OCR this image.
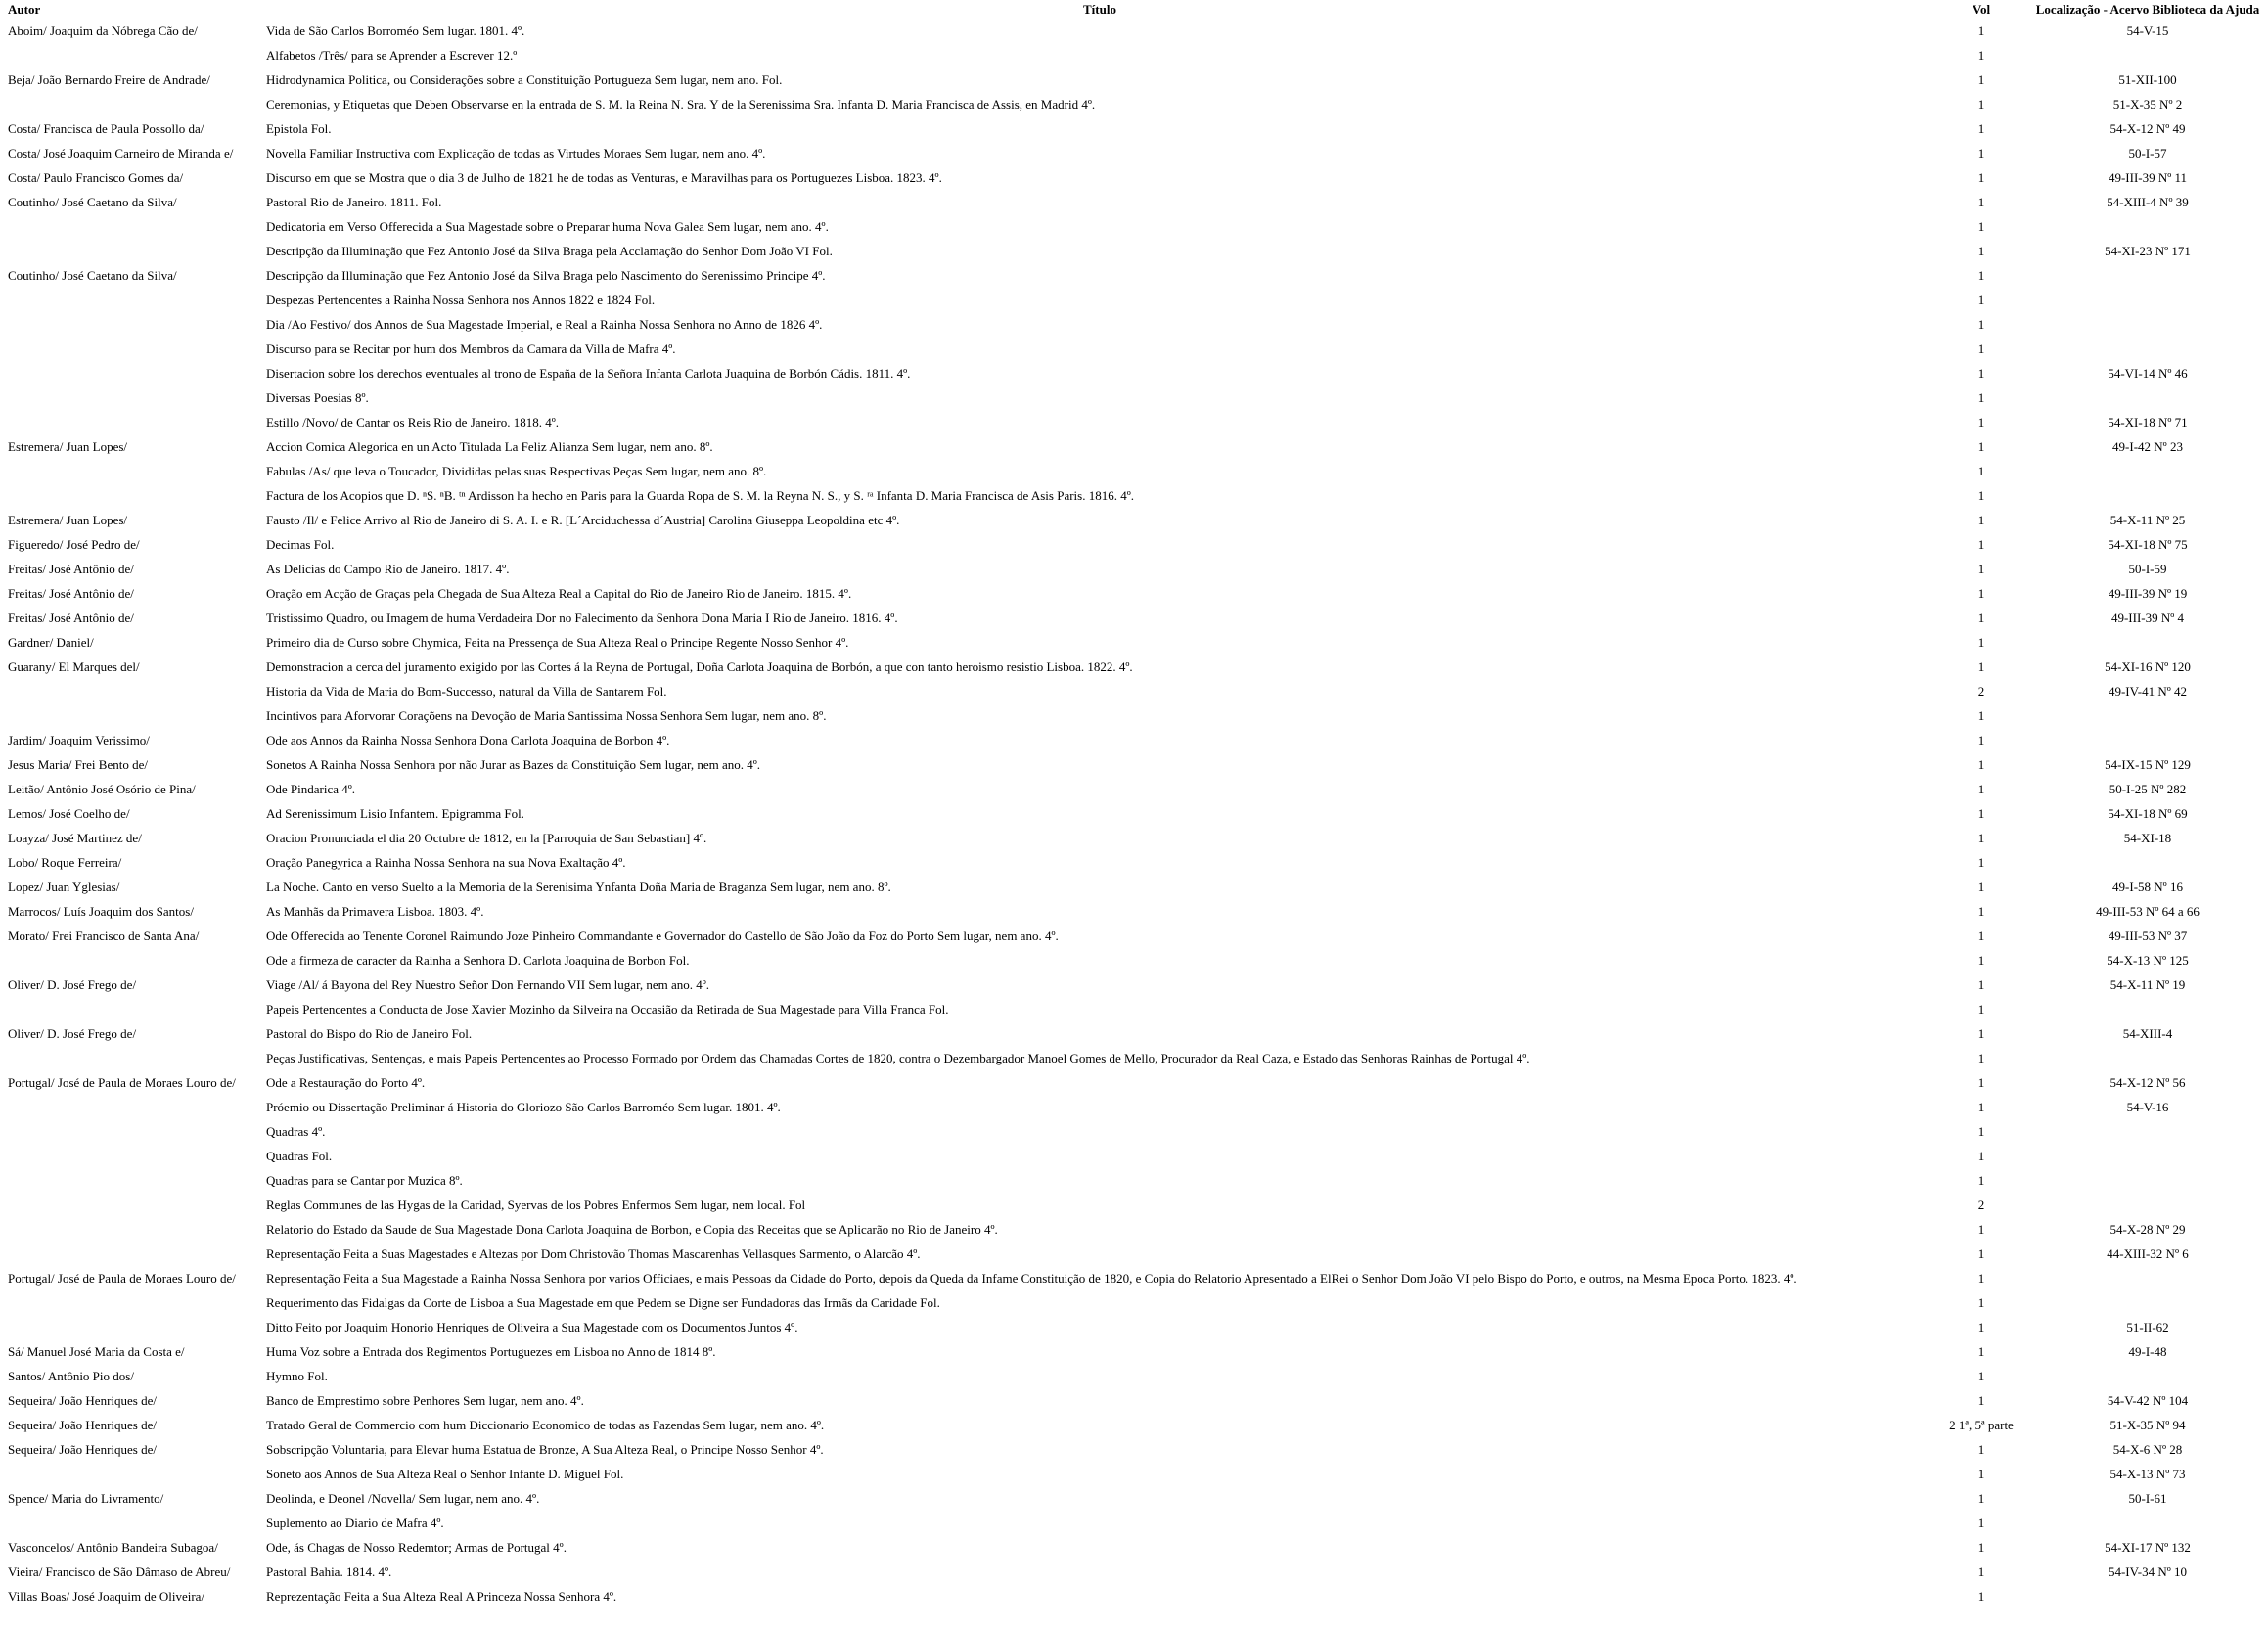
Autor	Título	Vol	Localização - Acervo Biblioteca da Ajuda
Aboim/ Joaquim da Nóbrega Cão de/	Vida de São Carlos Borroméo Sem lugar. 1801. 4º.	1	54-V-15
	Alfabetos /Três/ para se Aprender a Escrever 12.º	1	
Beja/ João Bernardo Freire de Andrade/	Hidrodynamica Politica, ou Considerações sobre a Constituição Portugueza Sem lugar, nem ano. Fol.	1	51-XII-100
	Ceremonias, y Etiquetas que Deben Observarse en la entrada de S. M. la Reina N. Sra. Y de la Serenissima Sra. Infanta D. Maria Francisca de Assis, en Madrid 4º.	1	51-X-35 Nº 2
Costa/ Francisca de Paula Possollo da/	Epistola Fol.	1	54-X-12 Nº 49
Costa/ José Joaquim Carneiro de Miranda e/	Novella Familiar Instructiva com Explicação de todas as Virtudes Moraes Sem lugar, nem ano. 4º.	1	50-I-57
Costa/ Paulo Francisco Gomes da/	Discurso em que se Mostra que o dia 3 de Julho de 1821 he de todas as Venturas, e Maravilhas para os Portuguezes Lisboa. 1823. 4º.	1	49-III-39 Nº 11
Coutinho/ José Caetano da Silva/	Pastoral Rio de Janeiro. 1811. Fol.	1	54-XIII-4 Nº 39
	Dedicatoria em Verso Offerecida a Sua Magestade sobre o Preparar huma Nova Galea Sem lugar, nem ano. 4º.	1	
	Descripção da Illuminação que Fez Antonio José da Silva Braga pela Acclamação do Senhor Dom João VI Fol.	1	54-XI-23 Nº 171
Coutinho/ José Caetano da Silva/	Descripção da Illuminação que Fez Antonio José da Silva Braga pelo Nascimento do Serenissimo Principe 4º.	1	
	Despezas Pertencentes a Rainha Nossa Senhora nos Annos 1822 e 1824 Fol.	1	
	Dia /Ao Festivo/ dos Annos de Sua Magestade Imperial, e Real a Rainha Nossa Senhora no Anno de 1826 4º.	1	
	Discurso para se Recitar por hum dos Membros da Camara da Villa de Mafra 4º.	1	
	Disertacion sobre los derechos eventuales al trono de España de la Señora Infanta Carlota Juaquina de Borbón Cádis. 1811. 4º.	1	54-VI-14 Nº 46
	Diversas Poesias 8º.	1	
	Estillo /Novo/ de Cantar os Reis Rio de Janeiro. 1818. 4º.	1	54-XI-18 Nº 71
Estremera/ Juan Lopes/	Accion Comica Alegorica en un Acto Titulada La Feliz Alianza Sem lugar, nem ano. 8º.	1	49-I-42 Nº 23
	Fabulas /As/ que leva o Toucador, Divididas pelas suas Respectivas Peças Sem lugar, nem ano. 8º.	1	
	Factura de los Acopios que D. ⁿS. ⁿB. ᵗⁿ Ardisson ha hecho en Paris para la Guarda Ropa de S. M. la Reyna N. S., y S. ʳᵃ Infanta D. Maria Francisca de Asis Paris. 1816. 4º.	1	
Estremera/ Juan Lopes/	Fausto /Il/ e Felice Arrivo al Rio de Janeiro di S. A. I. e R. [L´Arciduchessa d´Austria] Carolina Giuseppa Leopoldina etc 4º.	1	54-X-11 Nº 25
Figueredo/ José Pedro de/	Decimas Fol.	1	54-XI-18 Nº 75
Freitas/ José Antônio de/	As Delicias do Campo Rio de Janeiro. 1817. 4º.	1	50-I-59
Freitas/ José Antônio de/	Oração em Acção de Graças pela Chegada de Sua Alteza Real a Capital do Rio de Janeiro Rio de Janeiro. 1815. 4º.	1	49-III-39 Nº 19
Freitas/ José Antônio de/	Tristissimo Quadro, ou Imagem de huma Verdadeira Dor no Falecimento da Senhora Dona Maria I Rio de Janeiro. 1816. 4º.	1	49-III-39 Nº 4
Gardner/ Daniel/	Primeiro dia de Curso sobre Chymica, Feita na Pressença de Sua Alteza Real o Principe Regente Nosso Senhor 4º.	1	
Guarany/ El Marques del/	Demonstracion a cerca del juramento exigido por las Cortes á la Reyna de Portugal, Doña Carlota Joaquina de Borbón, a que con tanto heroismo resistio Lisboa. 1822. 4º.	1	54-XI-16 Nº 120
	Historia da Vida de Maria do Bom-Successo, natural da Villa de Santarem Fol.	2	49-IV-41 Nº 42
	Incintivos para Aforvorar Coraçõens na Devoção de Maria Santissima Nossa Senhora Sem lugar, nem ano. 8º.	1	
Jardim/ Joaquim Verissimo/	Ode aos Annos da Rainha Nossa Senhora Dona Carlota Joaquina de Borbon 4º.	1	
Jesus Maria/ Frei Bento de/	Sonetos A Rainha Nossa Senhora por não Jurar as Bazes da Constituição Sem lugar, nem ano. 4º.	1	54-IX-15 Nº 129
Leitão/ Antônio José Osório de Pina/	Ode Pindarica 4º.	1	50-I-25 Nº 282
Lemos/ José Coelho de/	Ad Serenissimum Lisio Infantem. Epigramma Fol.	1	54-XI-18 Nº 69
Loayza/ José Martinez de/	Oracion Pronunciada el dia 20 Octubre de 1812, en la [Parroquia de San Sebastian] 4º.	1	54-XI-18
Lobo/ Roque Ferreira/	Oração Panegyrica a Rainha Nossa Senhora na sua Nova Exaltação 4º.	1	
Lopez/ Juan Yglesias/	La Noche. Canto en verso Suelto a la Memoria de la Serenisima Ynfanta Doña Maria de Braganza Sem lugar, nem ano. 8º.	1	49-I-58 Nº 16
Marrocos/ Luís Joaquim dos Santos/	As Manhãs da Primavera Lisboa. 1803. 4º.	1	49-III-53 Nº 64 a 66
Morato/ Frei Francisco de Santa Ana/	Ode Offerecida ao Tenente Coronel Raimundo Joze Pinheiro Commandante e Governador do Castello de São João da Foz do Porto Sem lugar, nem ano. 4º.	1	49-III-53 Nº 37
	Ode a firmeza de caracter da Rainha a Senhora D. Carlota Joaquina de Borbon Fol.	1	54-X-13 Nº 125
Oliver/ D. José Frego de/	Viage /Al/ á Bayona del Rey Nuestro Señor Don Fernando VII Sem lugar, nem ano. 4º.	1	54-X-11 Nº 19
	Papeis Pertencentes a Conducta de Jose Xavier Mozinho da Silveira na Occasião da Retirada de Sua Magestade para Villa Franca Fol.	1	
Oliver/ D. José Frego de/	Pastoral do Bispo do Rio de Janeiro Fol.	1	54-XIII-4
	Peças Justificativas, Sentenças, e mais Papeis Pertencentes ao Processo Formado por Ordem das Chamadas Cortes de 1820, contra o Dezembargador Manoel Gomes de Mello, Procurador da Real Caza, e Estado das Senhoras Rainhas de Portugal 4º.	1	
Portugal/ José de Paula de Moraes Louro de/	Ode a Restauração do Porto 4º.	1	54-X-12 Nº 56
	Próemio ou Dissertação Preliminar á Historia do Gloriozo São Carlos Barroméo Sem lugar. 1801. 4º.	1	54-V-16
	Quadras 4º.	1	
	Quadras Fol.	1	
	Quadras para se Cantar por Muzica 8º.	1	
	Reglas Communes de las Hygas de la Caridad, Syervas de los Pobres Enfermos Sem lugar, nem local. Fol	2	
	Relatorio do Estado da Saude de Sua Magestade Dona Carlota Joaquina de Borbon, e Copia das Receitas que se Aplicarão no Rio de Janeiro 4º.	1	54-X-28 Nº 29
	Representação Feita a Suas Magestades e Altezas por Dom Christovão Thomas Mascarenhas Vellasques Sarmento, o Alarcão 4º.	1	44-XIII-32 Nº 6
Portugal/ José de Paula de Moraes Louro de/	Representação Feita a Sua Magestade a Rainha Nossa Senhora por varios Officiaes, e mais Pessoas da Cidade do Porto, depois da Queda da Infame Constituição de 1820, e Copia do Relatorio Apresentado a ElRei o Senhor Dom João VI pelo Bispo do Porto, e outros, na Mesma Epoca Porto. 1823. 4º.	1	
	Requerimento das Fidalgas da Corte de Lisboa a Sua Magestade em que Pedem se Digne ser Fundadoras das Irmãs da Caridade Fol.	1	
	Ditto Feito por Joaquim Honorio Henriques de Oliveira a Sua Magestade com os Documentos Juntos 4º.	1	51-II-62
Sá/ Manuel José Maria da Costa e/	Huma Voz sobre a Entrada dos Regimentos Portuguezes em Lisboa no Anno de 1814 8º.	1	49-I-48
Santos/ Antônio Pio dos/	Hymno Fol.	1	
Sequeira/ João Henriques de/	Banco de Emprestimo sobre Penhores Sem lugar, nem ano. 4º.	1	54-V-42 Nº 104
Sequeira/ João Henriques de/	Tratado Geral de Commercio com hum Diccionario Economico de todas as Fazendas Sem lugar, nem ano. 4º.	2 1ª, 5ª parte	51-X-35 Nº 94
Sequeira/ João Henriques de/	Sobscripção Voluntaria, para Elevar huma Estatua de Bronze, A Sua Alteza Real, o Principe Nosso Senhor 4º.	1	54-X-6 Nº 28
	Soneto aos Annos de Sua Alteza Real o Senhor Infante D. Miguel Fol.	1	54-X-13 Nº 73
Spence/ Maria do Livramento/	Deolinda, e Deonel /Novella/ Sem lugar, nem ano. 4º.	1	50-I-61
	Suplemento ao Diario de Mafra 4º.	1	
Vasconcelos/ Antônio Bandeira Subagoa/	Ode, ás Chagas de Nosso Redemtor; Armas de Portugal 4º.	1	54-XI-17 Nº 132
Vieira/ Francisco de São Dâmaso de Abreu/	Pastoral Bahia. 1814. 4º.	1	54-IV-34 Nº 10
Villas Boas/ José Joaquim de Oliveira/	Reprezentação Feita a Sua Alteza Real A Princeza Nossa Senhora 4º.	1	
